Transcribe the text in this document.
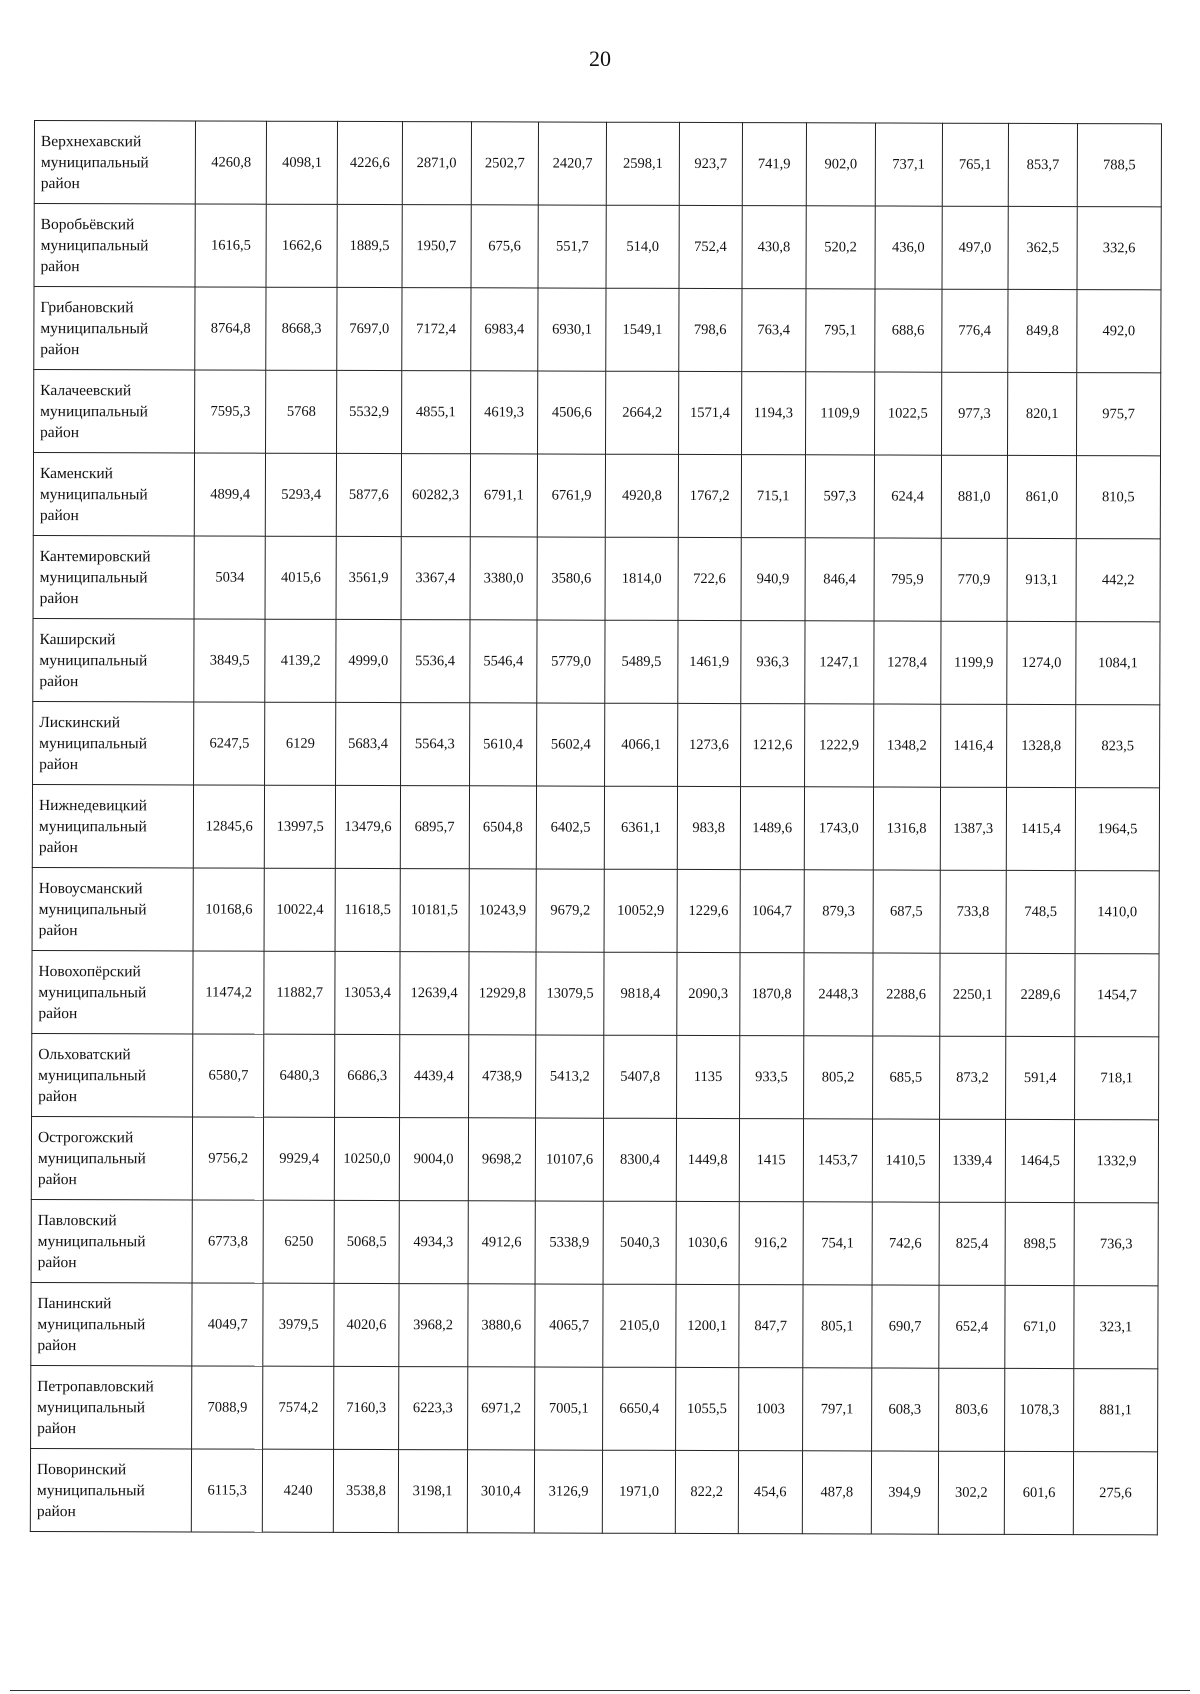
20
Верхнехавский
муниципальный
район	4260,8	4098,1	4226,6	2871,0	2502,7	2420,7	2598,1	923,7	741,9	902,0	737,1	765,1	853,7	788,5

Воробьёвский
муниципальный
район	1616,5	1662,6	1889,5	1950,7	675,6	551,7	514,0	752,4	430,8	520,2	436,0	497,0	362,5	332,6

Грибановский
муниципальный
район	8764,8	8668,3	7697,0	7172,4	6983,4	6930,1	1549,1	798,6	763,4	795,1	688,6	776,4	849,8	492,0

Калачеевский
муниципальный
район	7595,3	5768	5532,9	4855,1	4619,3	4506,6	2664,2	1571,4	1194,3	1109,9	1022,5	977,3	820,1	975,7

Каменский
муниципальный
район	4899,4	5293,4	5877,6	60282,3	6791,1	6761,9	4920,8	1767,2	715,1	597,3	624,4	881,0	861,0	810,5

Кантемировский
муниципальный
район	5034	4015,6	3561,9	3367,4	3380,0	3580,6	1814,0	722,6	940,9	846,4	795,9	770,9	913,1	442,2

Каширский
муниципальный
район	3849,5	4139,2	4999,0	5536,4	5546,4	5779,0	5489,5	1461,9	936,3	1247,1	1278,4	1199,9	1274,0	1084,1

Лискинский
муниципальный
район	6247,5	6129	5683,4	5564,3	5610,4	5602,4	4066,1	1273,6	1212,6	1222,9	1348,2	1416,4	1328,8	823,5

Нижнедевицкий
муниципальный
район	12845,6	13997,5	13479,6	6895,7	6504,8	6402,5	6361,1	983,8	1489,6	1743,0	1316,8	1387,3	1415,4	1964,5

Новоусманский
муниципальный
район	10168,6	10022,4	11618,5	10181,5	10243,9	9679,2	10052,9	1229,6	1064,7	879,3	687,5	733,8	748,5	1410,0

Новохопёрский
муниципальный
район	11474,2	11882,7	13053,4	12639,4	12929,8	13079,5	9818,4	2090,3	1870,8	2448,3	2288,6	2250,1	2289,6	1454,7

Ольховатский
муниципальный
район	6580,7	6480,3	6686,3	4439,4	4738,9	5413,2	5407,8	1135	933,5	805,2	685,5	873,2	591,4	718,1

Острогожский
муниципальный
район	9756,2	9929,4	10250,0	9004,0	9698,2	10107,6	8300,4	1449,8	1415	1453,7	1410,5	1339,4	1464,5	1332,9

Павловский
муниципальный
район	6773,8	6250	5068,5	4934,3	4912,6	5338,9	5040,3	1030,6	916,2	754,1	742,6	825,4	898,5	736,3

Панинский
муниципальный
район	4049,7	3979,5	4020,6	3968,2	3880,6	4065,7	2105,0	1200,1	847,7	805,1	690,7	652,4	671,0	323,1

Петропавловский
муниципальный
район	7088,9	7574,2	7160,3	6223,3	6971,2	7005,1	6650,4	1055,5	1003	797,1	608,3	803,6	1078,3	881,1

Поворинский
муниципальный
район	6115,3	4240	3538,8	3198,1	3010,4	3126,9	1971,0	822,2	454,6	487,8	394,9	302,2	601,6	275,6
